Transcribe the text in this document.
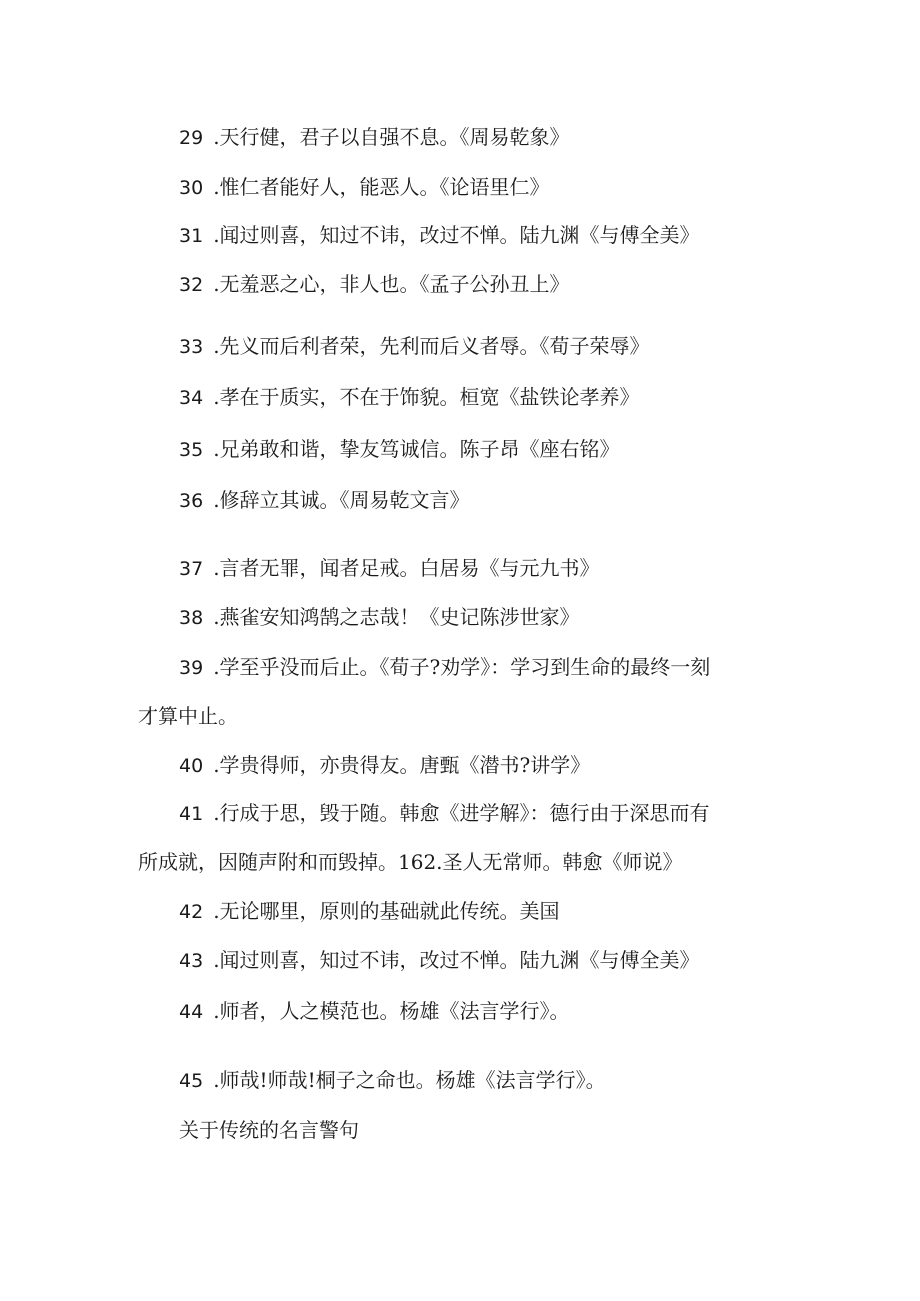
29 .天行健，君子以自强不息。《周易乾象》
30 .惟仁者能好人，能恶人。《论语里仁》
31 .闻过则喜，知过不讳，改过不惮。陆九渊《与傅全美》
32 .无羞恶之心，非人也。《孟子公孙丑上》
33 .先义而后利者荣，先利而后义者辱。《荀子荣辱》
34 .孝在于质实，不在于饰貌。桓宽《盐铁论孝养》
35 .兄弟敢和谐，挚友笃诚信。陈子昂《座右铭》
36 .修辞立其诚。《周易乾文言》
37 .言者无罪，闻者足戒。白居易《与元九书》
38 .燕雀安知鸿鹄之志哉！《史记陈涉世家》
39 .学至乎没而后止。《荀子?劝学》：学习到生命的最终一刻
才算中止。
40 .学贵得师，亦贵得友。唐甄《潜书?讲学》
41 .行成于思，毁于随。韩愈《进学解》：德行由于深思而有
所成就，因随声附和而毁掉。162.圣人无常师。韩愈《师说》
42 .无论哪里，原则的基础就此传统。美国
43 .闻过则喜，知过不讳，改过不惮。陆九渊《与傅全美》
44 .师者，人之模范也。杨雄《法言学行》。
45 .师哉!师哉!桐子之命也。杨雄《法言学行》。
关于传统的名言警句
